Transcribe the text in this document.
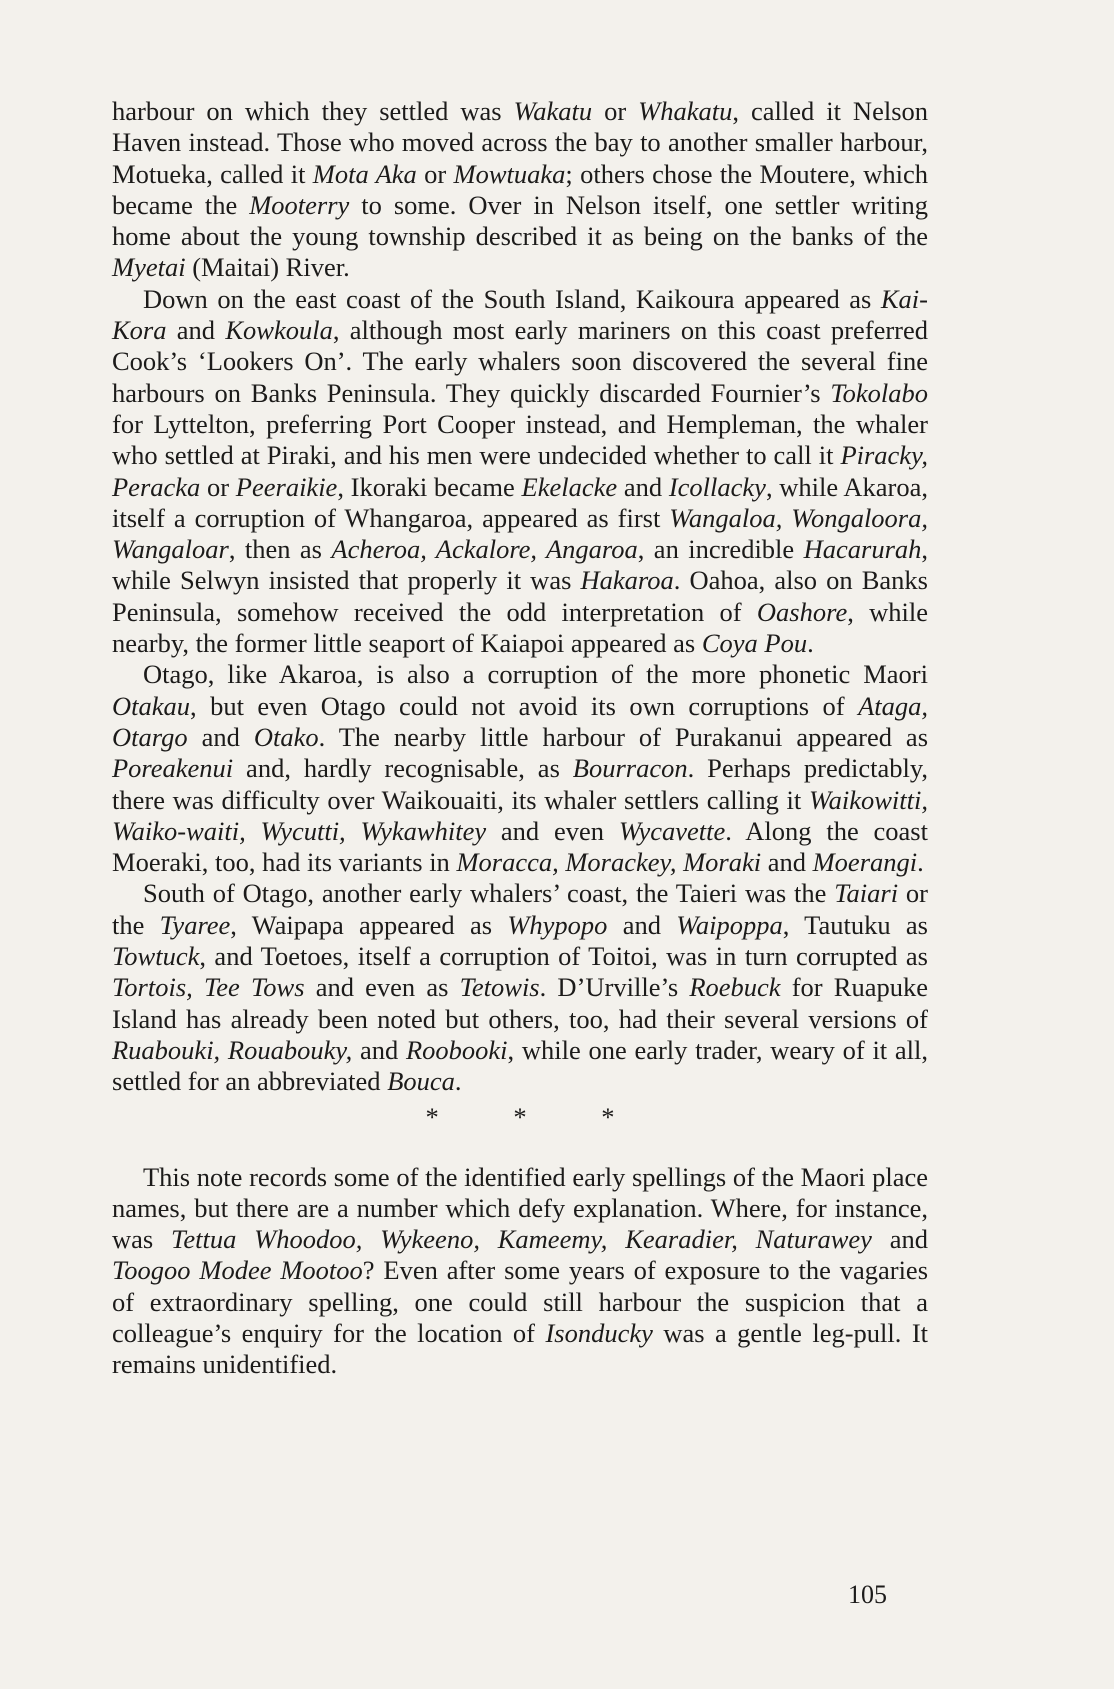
harbour on which they settled was Wakatu or Whakatu, called it Nelson Haven instead. Those who moved across the bay to another smaller harbour, Motueka, called it Mota Aka or Mowtuaka; others chose the Moutere, which became the Mooterry to some. Over in Nelson itself, one settler writing home about the young township described it as being on the banks of the Myetai (Maitai) River.

Down on the east coast of the South Island, Kaikoura appeared as Kai-Kora and Kowkoula, although most early mariners on this coast preferred Cook’s ‘Lookers On’. The early whalers soon discovered the several fine harbours on Banks Peninsula. They quickly discarded Fournier’s Tokolabo for Lyttelton, preferring Port Cooper instead, and Hempleman, the whaler who settled at Piraki, and his men were undecided whether to call it Piracky, Peracka or Peeraikie, Ikoraki became Ekelacke and Icollacky, while Akaroa, itself a corruption of Whangaroa, appeared as first Wangaloa, Wongaloora, Wangaloar, then as Acheroa, Ackalore, Angaroa, an incredible Hacarurah, while Selwyn insisted that properly it was Hakaroa. Oahoa, also on Banks Peninsula, somehow received the odd interpretation of Oashore, while nearby, the former little seaport of Kaiapoi appeared as Coya Pou.

Otago, like Akaroa, is also a corruption of the more phonetic Maori Otakau, but even Otago could not avoid its own corruptions of Ataga, Otargo and Otako. The nearby little harbour of Purakanui appeared as Poreakenui and, hardly recognisable, as Bourracon. Perhaps predictably, there was difficulty over Waikouaiti, its whaler settlers calling it Waikowitti, Waiko-waiti, Wycutti, Wykawhitey and even Wycavette. Along the coast Moeraki, too, had its variants in Moracca, Morackey, Moraki and Moerangi.

South of Otago, another early whalers’ coast, the Taieri was the Taiari or the Tyaree, Waipapa appeared as Whypopo and Waipoppa, Tautuku as Towtuck, and Toetoes, itself a corruption of Toitoi, was in turn corrupted as Tortois, Tee Tows and even as Tetowis. D’Urville’s Roebuck for Ruapuke Island has already been noted but others, too, had their several versions of Ruabouki, Rouabouky, and Roobooki, while one early trader, weary of it all, settled for an abbreviated Bouca.

*	*	*

This note records some of the identified early spellings of the Maori place names, but there are a number which defy explanation. Where, for instance, was Tettua Whoodoo, Wykeeno, Kameemy, Kearadier, Naturawey and Toogoo Modee Mootoo? Even after some years of exposure to the vagaries of extraordinary spelling, one could still harbour the suspicion that a colleague’s enquiry for the location of Isonducky was a gentle leg-pull. It remains unidentified.

105
